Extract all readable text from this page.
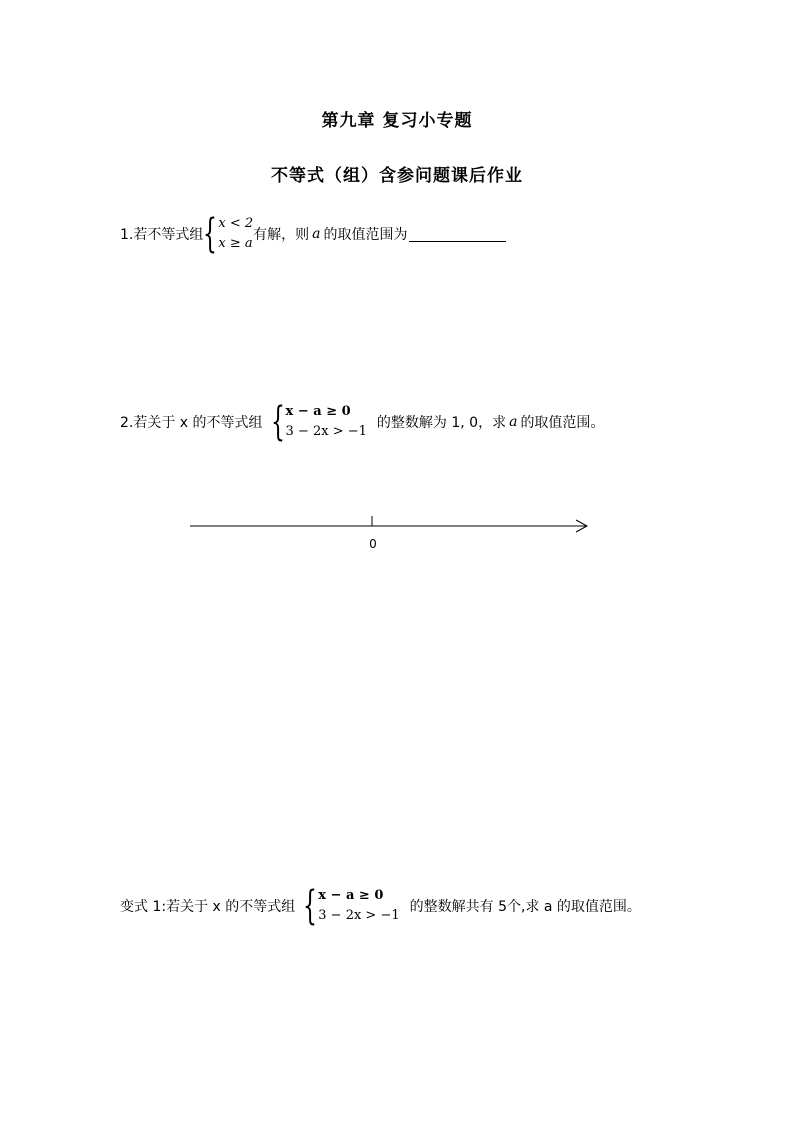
第九章 复习小专题
不等式（组）含参问题课后作业
1.若不等式组 { x < 2
x ≥ a
有解，则 a 的取值范围为
2.若关于 x 的不等式组 { x − a ≥ 0
3 − 2x > −1
的整数解为 1, 0，求 a 的取值范围。
0
变式 1:若关于 x 的不等式组 { x − a ≥ 0
3 − 2x > −1
的整数解共有 5个,求 a 的取值范围。
